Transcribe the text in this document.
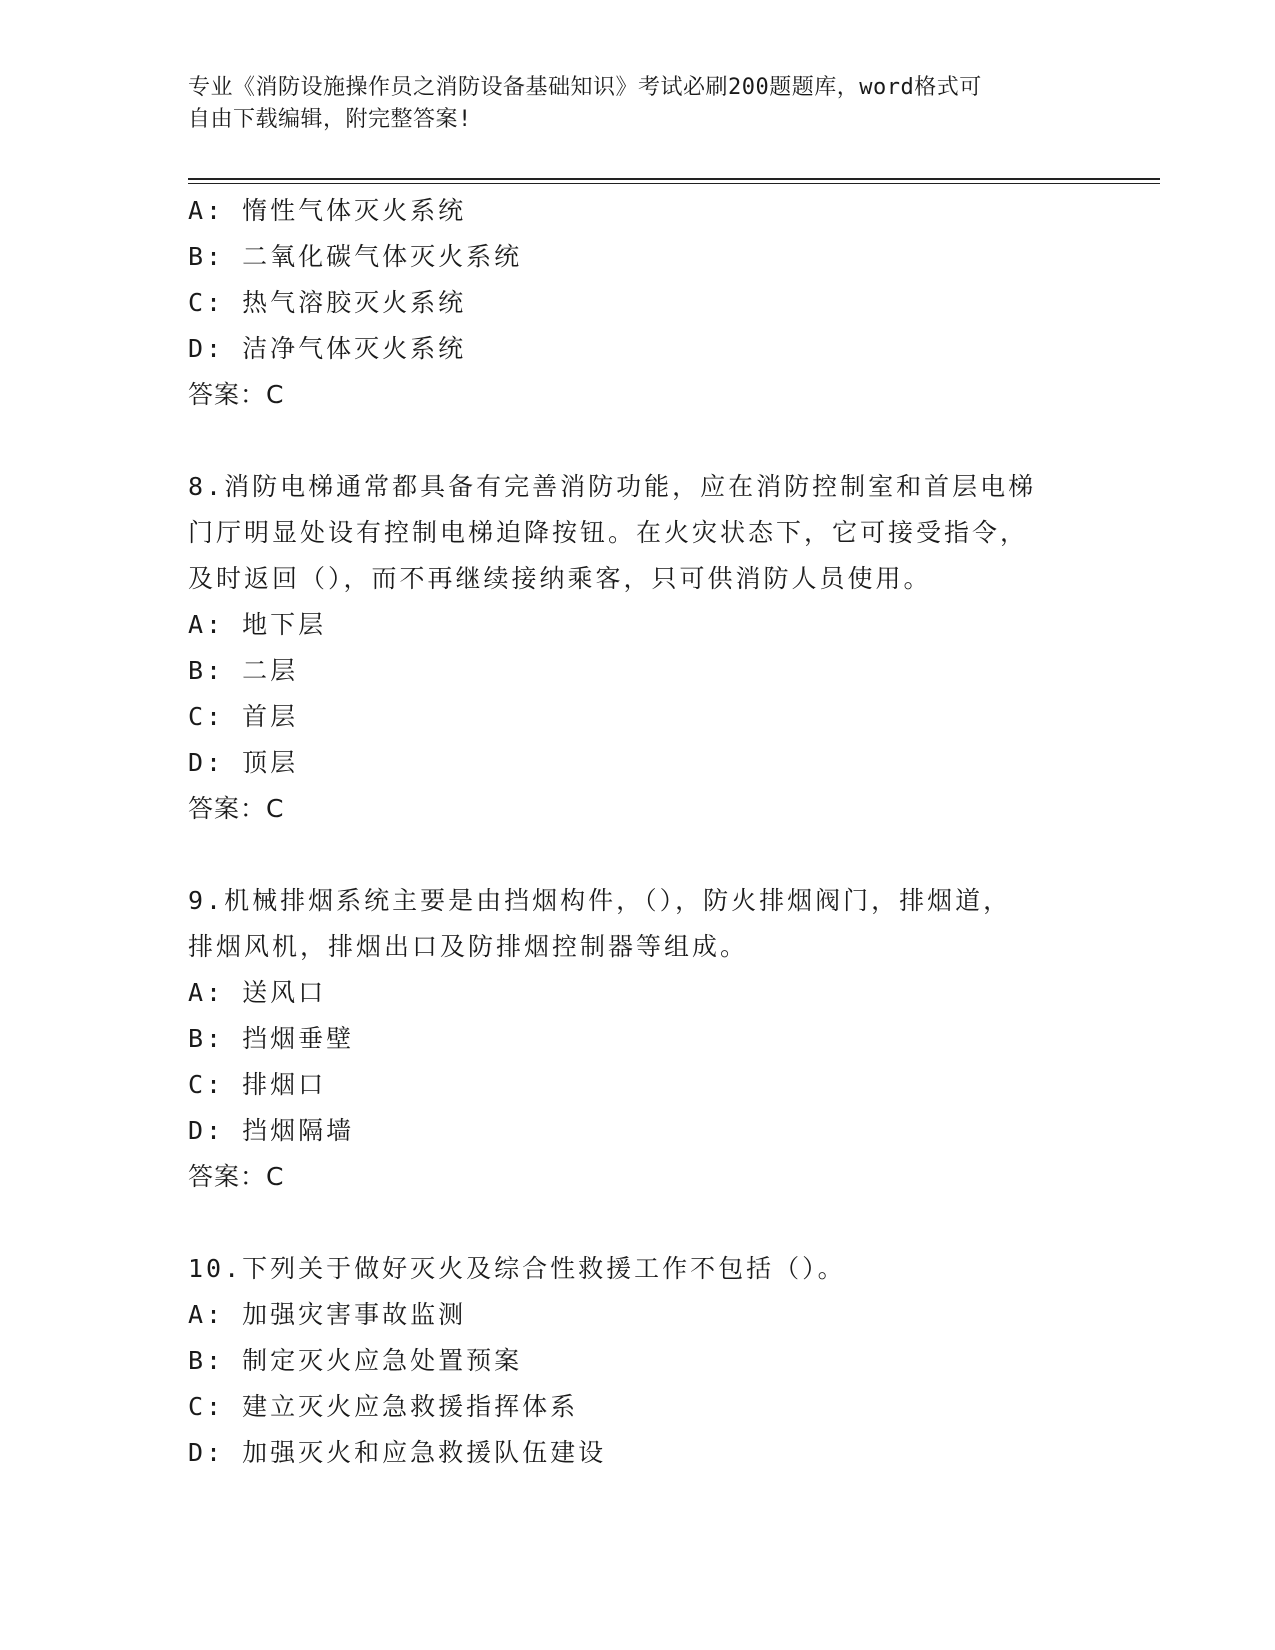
专业《消防设施操作员之消防设备基础知识》考试必刷200题题库，word格式可
自由下载编辑，附完整答案!
A: 惰性气体灭火系统
B: 二氧化碳气体灭火系统
C: 热气溶胶灭火系统
D: 洁净气体灭火系统
答案：C
8.消防电梯通常都具备有完善消防功能，应在消防控制室和首层电梯
门厅明显处设有控制电梯迫降按钮。在火灾状态下，它可接受指令，
及时返回（），而不再继续接纳乘客，只可供消防人员使用。
A: 地下层
B: 二层
C: 首层
D: 顶层
答案：C
9.机械排烟系统主要是由挡烟构件，（），防火排烟阀门，排烟道，
排烟风机，排烟出口及防排烟控制器等组成。
A: 送风口
B: 挡烟垂壁
C: 排烟口
D: 挡烟隔墙
答案：C
10.下列关于做好灭火及综合性救援工作不包括（）。
A: 加强灾害事故监测
B: 制定灭火应急处置预案
C: 建立灭火应急救援指挥体系
D: 加强灭火和应急救援队伍建设
